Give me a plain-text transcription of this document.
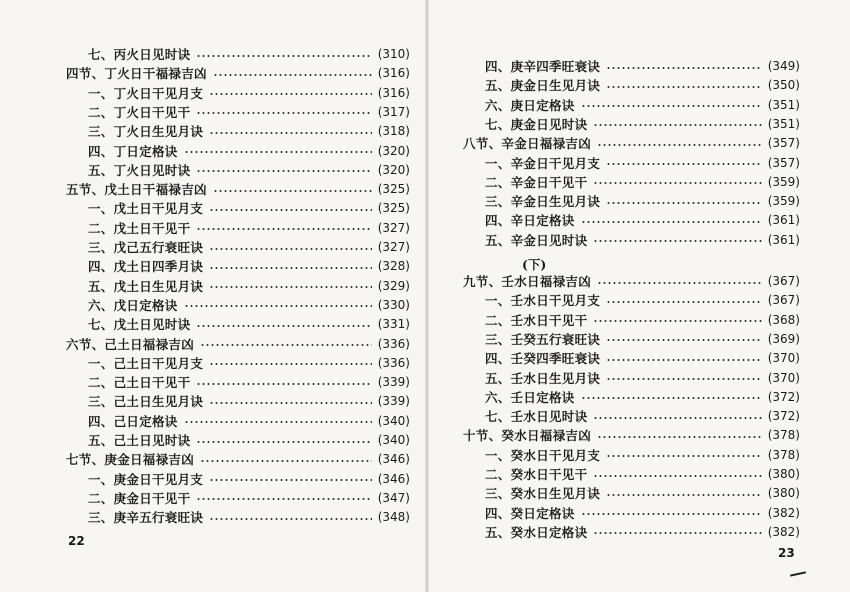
七、丙火日见时诀	(310)
四节、丁火日干福禄吉凶	(316)
一、丁火日干见月支	(316)
二、丁火日干见干	(317)
三、丁火日生见月诀	(318)
四、丁日定格诀	(320)
五、丁火日见时诀	(320)
五节、戊土日干福禄吉凶	(325)
一、戊土日干见月支	(325)
二、戊土日干见干	(327)
三、戊己五行衰旺诀	(327)
四、戊土日四季月诀	(328)
五、戊土日生见月诀	(329)
六、戊日定格诀	(330)
七、戊土日见时诀	(331)
六节、己土日福禄吉凶	(336)
一、己土日干见月支	(336)
二、己土日干见干	(339)
三、己土日生见月诀	(339)
四、己日定格诀	(340)
五、己土日见时诀	(340)
七节、庚金日福禄吉凶	(346)
一、庚金日干见月支	(346)
二、庚金日干见干	(347)
三、庚辛五行衰旺诀	(348)
22
四、庚辛四季旺衰诀	(349)
五、庚金日生见月诀	(350)
六、庚日定格诀	(351)
七、庚金日见时诀	(351)
八节、辛金日福禄吉凶	(357)
一、辛金日干见月支	(357)
二、辛金日干见干	(359)
三、辛金日生见月诀	(359)
四、辛日定格诀	(361)
五、辛金日见时诀	(361)
九节、壬水日福禄吉凶	(367)
一、壬水日干见月支	(367)
二、壬水日干见干	(368)
三、壬癸五行衰旺诀	(369)
四、壬癸四季旺衰诀	(370)
五、壬水日生见月诀	(370)
六、壬日定格诀	(372)
七、壬水日见时诀	(372)
十节、癸水日福禄吉凶	(378)
一、癸水日干见月支	(378)
二、癸水日干见干	(380)
三、癸水日生见月诀	(380)
四、癸日定格诀	(382)
五、癸水日定格诀	(382)
(下)
23
